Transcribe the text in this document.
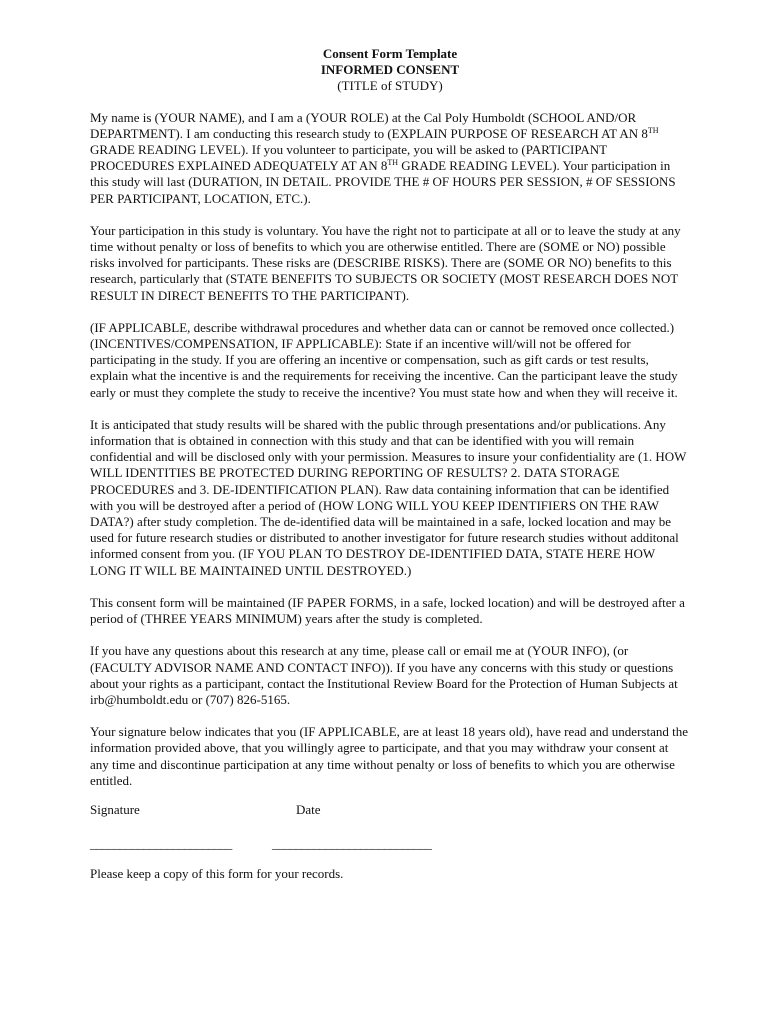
Consent Form Template
INFORMED CONSENT
(TITLE of STUDY)

My name is (YOUR NAME), and I am a (YOUR ROLE) at the Cal Poly Humboldt (SCHOOL AND/OR DEPARTMENT). I am conducting this research study to (EXPLAIN PURPOSE OF RESEARCH AT AN 8TH GRADE READING LEVEL). If you volunteer to participate, you will be asked to (PARTICIPANT PROCEDURES EXPLAINED ADEQUATELY AT AN 8TH GRADE READING LEVEL). Your participation in this study will last (DURATION, IN DETAIL. PROVIDE THE # OF HOURS PER SESSION, # OF SESSIONS PER PARTICIPANT, LOCATION, ETC.).

Your participation in this study is voluntary. You have the right not to participate at all or to leave the study at any time without penalty or loss of benefits to which you are otherwise entitled. There are (SOME or NO) possible risks involved for participants. These risks are (DESCRIBE RISKS). There are (SOME OR NO) benefits to this research, particularly that (STATE BENEFITS TO SUBJECTS OR SOCIETY (MOST RESEARCH DOES NOT RESULT IN DIRECT BENEFITS TO THE PARTICIPANT).

(IF APPLICABLE, describe withdrawal procedures and whether data can or cannot be removed once collected.) (INCENTIVES/COMPENSATION, IF APPLICABLE): State if an incentive will/will not be offered for participating in the study. If you are offering an incentive or compensation, such as gift cards or test results, explain what the incentive is and the requirements for receiving the incentive. Can the participant leave the study early or must they complete the study to receive the incentive? You must state how and when they will receive it.

It is anticipated that study results will be shared with the public through presentations and/or publications. Any information that is obtained in connection with this study and that can be identified with you will remain confidential and will be disclosed only with your permission. Measures to insure your confidentiality are (1. HOW WILL IDENTITIES BE PROTECTED DURING REPORTING OF RESULTS? 2. DATA STORAGE PROCEDURES and 3. DE-IDENTIFICATION PLAN). Raw data containing information that can be identified with you will be destroyed after a period of (HOW LONG WILL YOU KEEP IDENTIFIERS ON THE RAW DATA?) after study completion. The de-identified data will be maintained in a safe, locked location and may be used for future research studies or distributed to another investigator for future research studies without additonal informed consent from you. (IF YOU PLAN TO DESTROY DE-IDENTIFIED DATA, STATE HERE HOW LONG IT WILL BE MAINTAINED UNTIL DESTROYED.)

This consent form will be maintained (IF PAPER FORMS, in a safe, locked location) and will be destroyed after a period of (THREE YEARS MINIMUM) years after the study is completed.

If you have any questions about this research at any time, please call or email me at (YOUR INFO), (or (FACULTY ADVISOR NAME AND CONTACT INFO)). If you have any concerns with this study or questions about your rights as a participant, contact the Institutional Review Board for the Protection of Human Subjects at irb@humboldt.edu or (707) 826-5165.

Your signature below indicates that you (IF APPLICABLE, are at least 18 years old), have read and understand the information provided above, that you willingly agree to participate, and that you may withdraw your consent at any time and discontinue participation at any time without penalty or loss of benefits to which you are otherwise entitled.

Signature	Date
________________________	___________________________
Please keep a copy of this form for your records.
